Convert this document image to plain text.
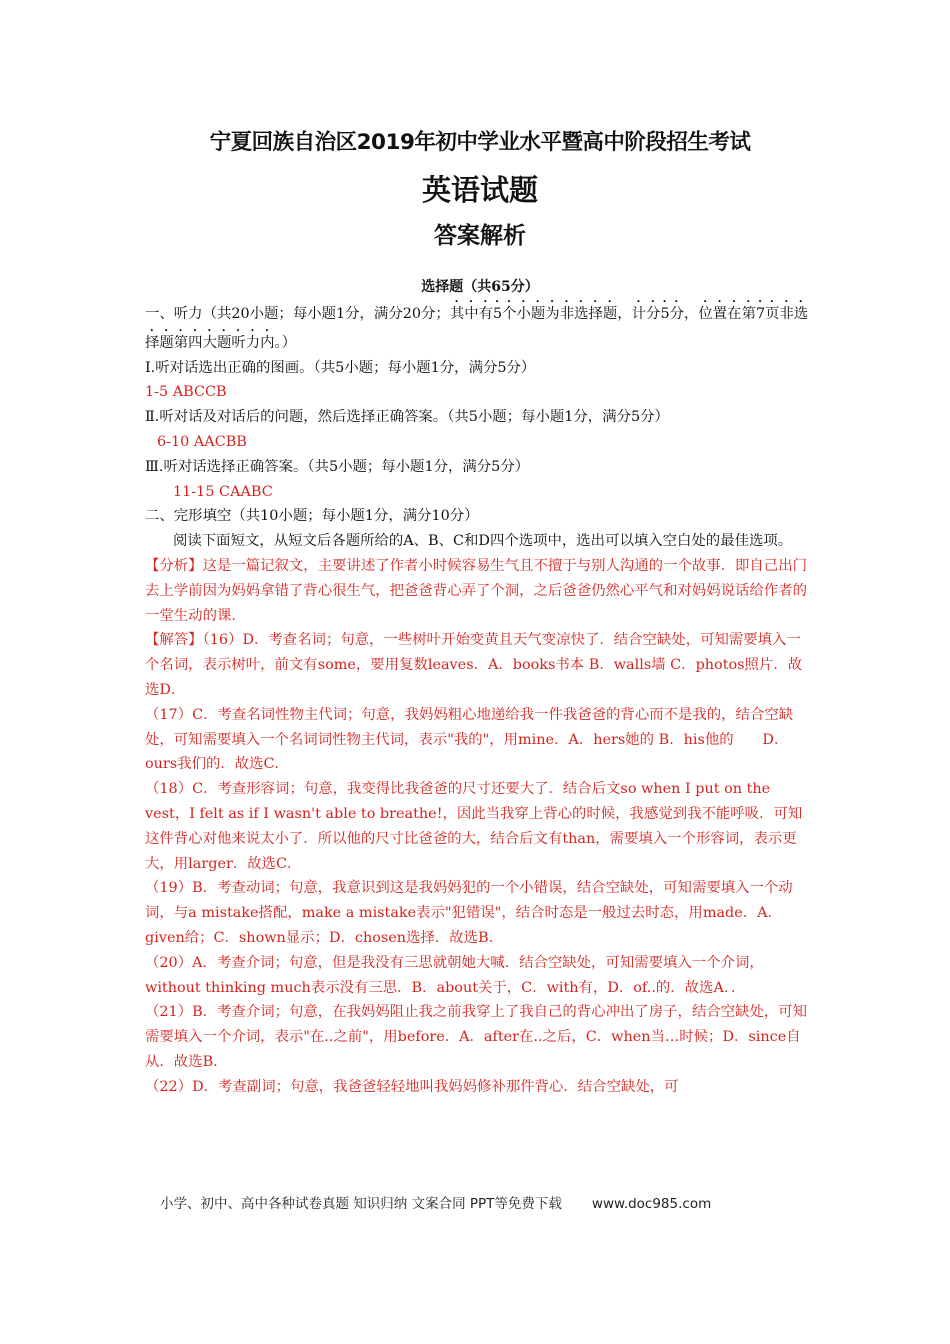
宁夏回族自治区2019年初中学业水平暨高中阶段招生考试
英语试题
答案解析
选择题（共65分）

一、听力（共20小题；每小题1分，满分20分；其中有5个小题为非选择题，计分5分，位置在第7页非选择题第四大题听力内。）

Ⅰ.听对话选出正确的图画。（共5小题；每小题1分，满分5分）

1-5 ABCCB

Ⅱ.听对话及对话后的问题，然后选择正确答案。（共5小题；每小题1分，满分5分）

6-10 AACBB

Ⅲ.听对话选择正确答案。（共5小题；每小题1分，满分5分）

11-15 CAABC

二、完形填空（共10小题；每小题1分，满分10分）

阅读下面短文，从短文后各题所给的A、B、C和D四个选项中，选出可以填入空白处的最佳选项。

【分析】这是一篇记叙文，主要讲述了作者小时候容易生气且不擅于与别人沟通的一个故事．即自己出门去上学前因为妈妈拿错了背心很生气，把爸爸背心弄了个洞，之后爸爸仍然心平气和对妈妈说话给作者的一堂生动的课．

【解答】（16）D．考查名词；句意，一些树叶开始变黄且天气变凉快了．结合空缺处，可知需要填入一个名词，表示树叶，前文有some，要用复数leaves．A．books书本 B．walls墙 C．photos照片．故选D．

（17）C．考查名词性物主代词；句意，我妈妈粗心地递给我一件我爸爸的背心而不是我的，结合空缺处，可知需要填入一个名词词性物主代词，表示"我的"，用mine．A．hers她的 B．his他的　　D．ours我们的．故选C．

（18）C．考查形容词；句意，我变得比我爸爸的尺寸还要大了．结合后文so when I put on the vest，I felt as if I wasn't able to breathe!，因此当我穿上背心的时候，我感觉到我不能呼吸．可知这件背心对他来说太小了．所以他的尺寸比爸爸的大，结合后文有than，需要填入一个形容词，表示更大，用larger．故选C．

（19）B．考查动词；句意，我意识到这是我妈妈犯的一个小错误，结合空缺处，可知需要填入一个动词，与a mistake搭配，make a mistake表示"犯错误"，结合时态是一般过去时态，用made．A．given给；C．shown显示；D．chosen选择．故选B．

（20）A．考查介词；句意，但是我没有三思就朝她大喊．结合空缺处，可知需要填入一个介词，without thinking much表示没有三思．B．about关于，C．with有，D．of..的．故选A．．

（21）B．考查介词；句意，在我妈妈阻止我之前我穿上了我自己的背心冲出了房子，结合空缺处，可知需要填入一个介词，表示"在..之前"，用before．A．after在..之后，C．when当…时候；D．since自从．故选B．

（22）D．考查副词；句意，我爸爸轻轻地叫我妈妈修补那件背心．结合空缺处，可

小学、初中、高中各种试卷真题 知识归纳 文案合同 PPT等免费下载 www.doc985.com
